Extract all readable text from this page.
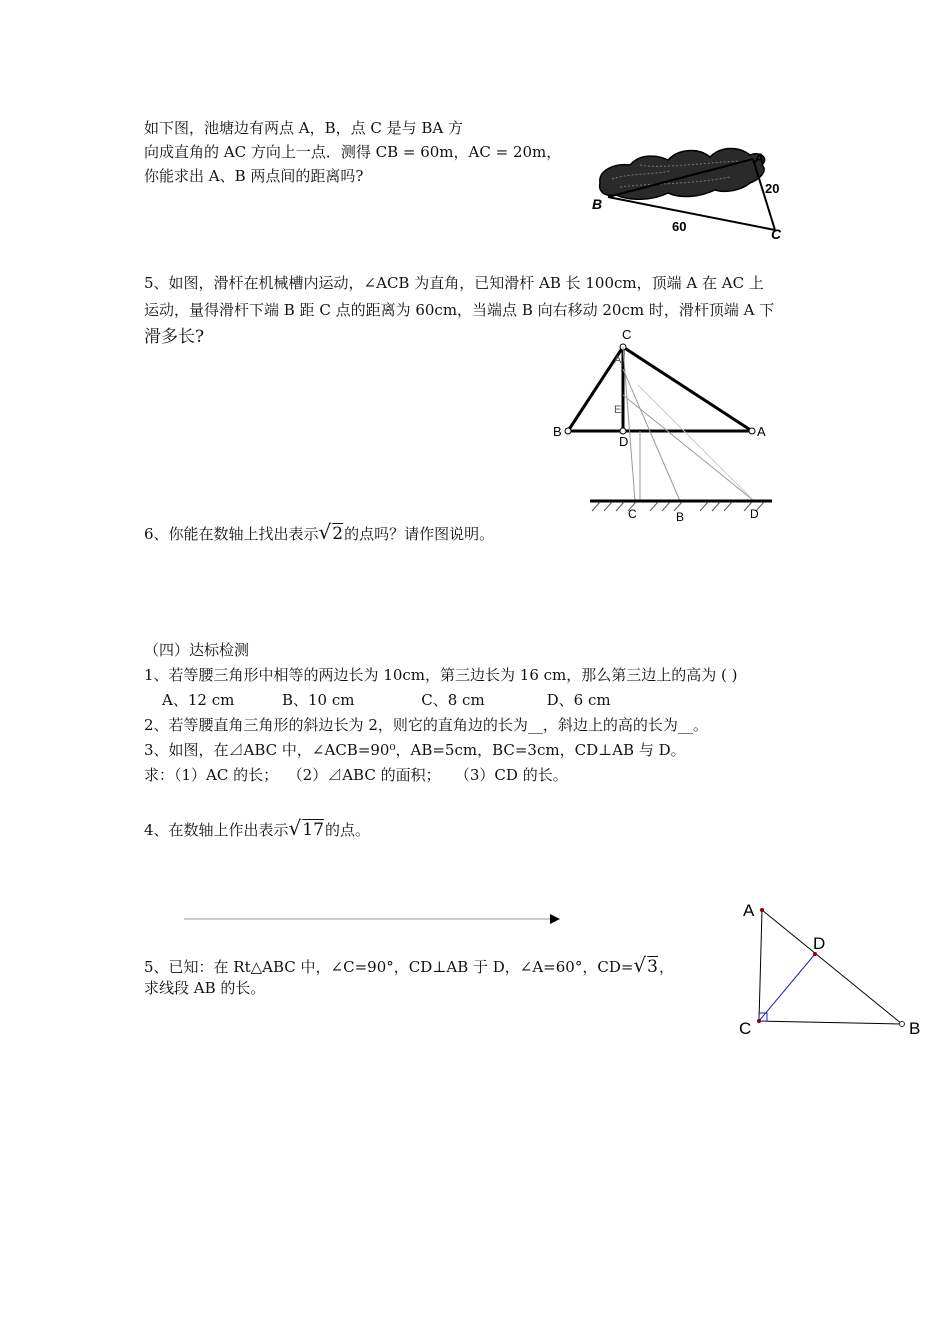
如下图，池塘边有两点 A，B，点 C 是与 BA 方
向成直角的 AC 方向上一点．测得 CB = 60m，AC = 20m，
你能求出 A、B 两点间的距离吗?
A
B
C
20
60
5、如图，滑杆在机械槽内运动，∠ACB 为直角，已知滑杆 AB 长 100cm，顶端 A 在 AC 上
运动，量得滑杆下端 B 距 C 点的距离为 60cm，当端点 B 向右移动 20cm 时，滑杆顶端 A 下
滑多长?	C
A
E
B
D
A
C	B	D
6、你能在数轴上找出表示√2的点吗？请作图说明。
（四）达标检测
1、若等腰三角形中相等的两边长为 10cm，第三边长为 16 cm，那么第三边上的高为 ( )
A、12 cm          B、10 cm              C、8 cm             D、6 cm
2、若等腰直角三角形的斜边长为 2，则它的直角边的长为__，斜边上的高的长为__。
3、如图，在⊿ABC 中，∠ACB=90⁰，AB=5cm，BC=3cm，CD⊥AB 与 D。
求：（1）AC 的长；  （2）⊿ABC 的面积；   （3）CD 的长。
4、在数轴上作出表示√17的点。
5、已知：在 Rt△ABC 中，∠C=90°，CD⊥AB 于 D，∠A=60°，CD=√3，
求线段 AB 的长。
A
D
C	B
